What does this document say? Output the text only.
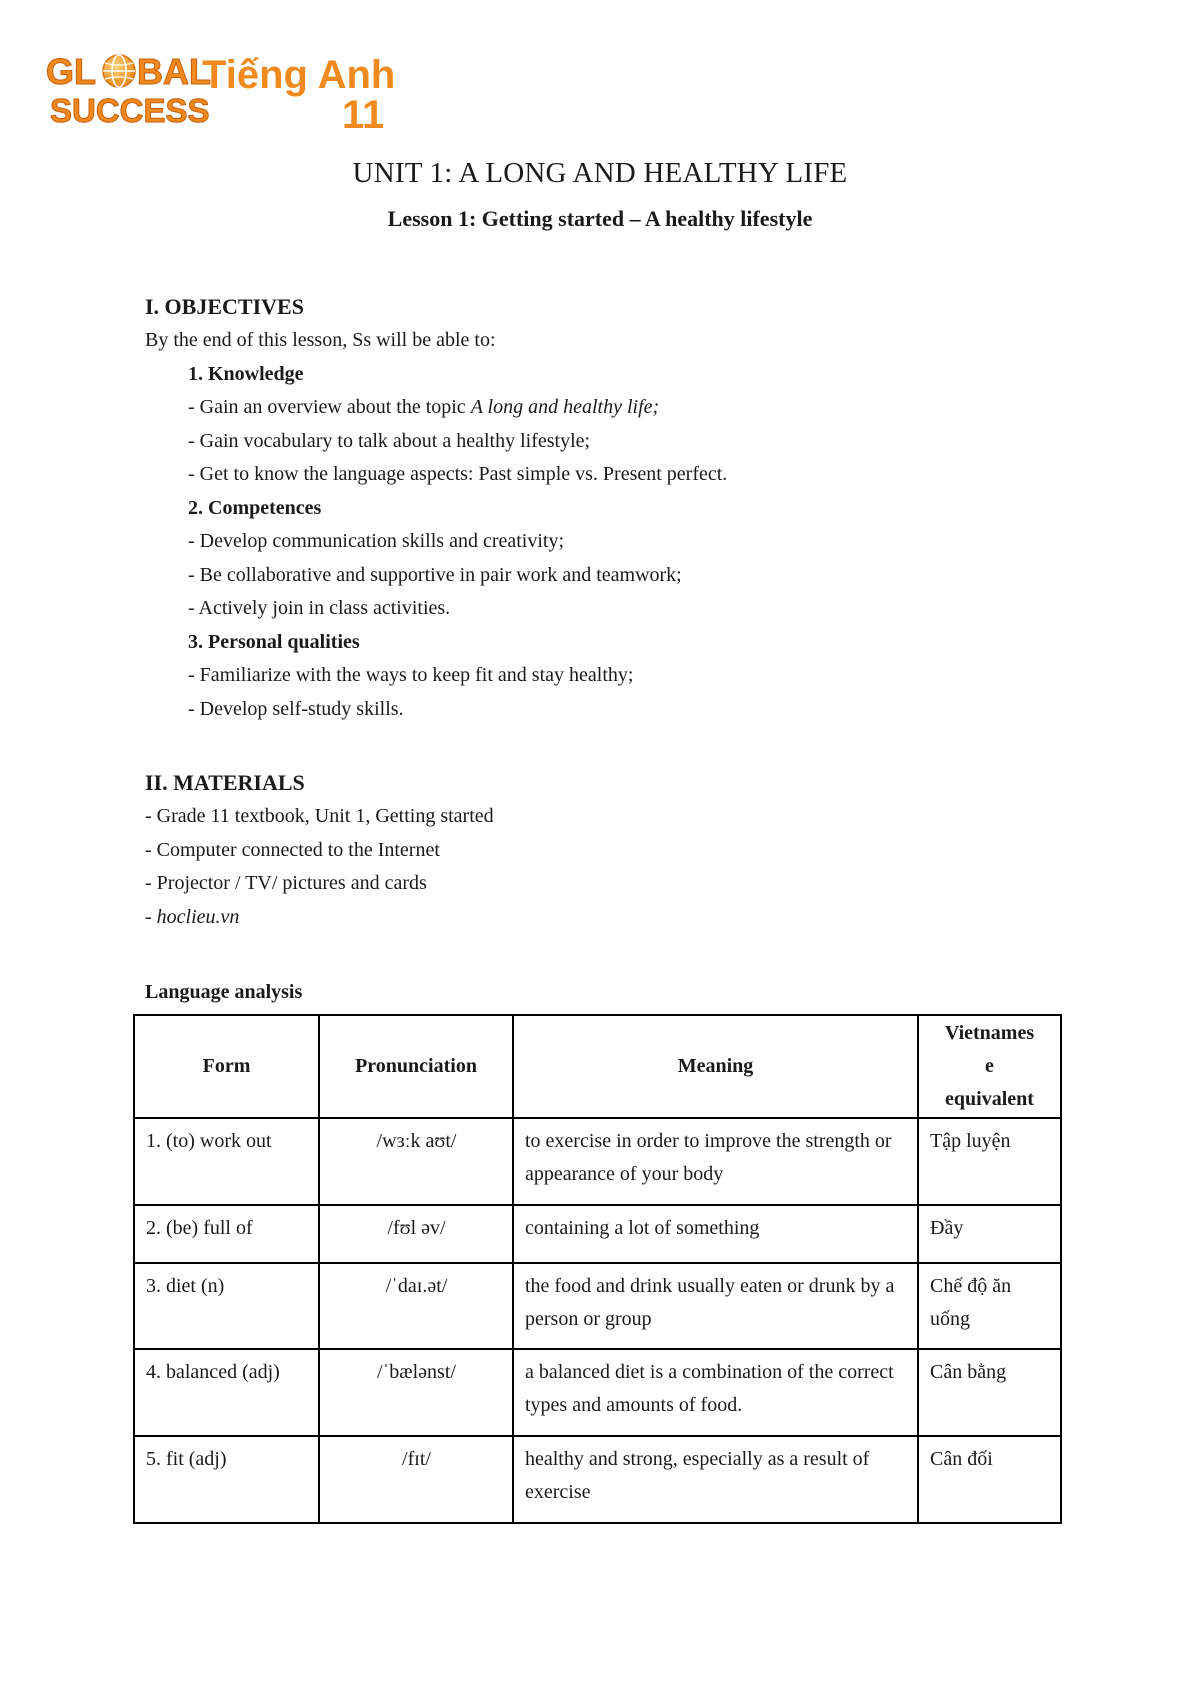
GL BAL
SUCCESS
Tiếng Anh
11
UNIT 1: A LONG AND HEALTHY LIFE
Lesson 1: Getting started – A healthy lifestyle
I. OBJECTIVES
By the end of this lesson, Ss will be able to:
1. Knowledge
- Gain an overview about the topic A long and healthy life;
- Gain vocabulary to talk about a healthy lifestyle;
- Get to know the language aspects: Past simple vs. Present perfect.
2. Competences
- Develop communication skills and creativity;
- Be collaborative and supportive in pair work and teamwork;
- Actively join in class activities.
3. Personal qualities
- Familiarize with the ways to keep fit and stay healthy;
- Develop self-study skills.
II. MATERIALS
- Grade 11 textbook, Unit 1, Getting started
- Computer connected to the Internet
- Projector / TV/ pictures and cards
- hoclieu.vn
Language analysis
Form	Pronunciation	Meaning	Vietnames
e
equivalent

1. (to) work out	/wɜːk aʊt/	to exercise in order to improve the strength or appearance of your body	Tập luyện
2. (be) full of	/fʊl əv/	containing a lot of something	Đầy
3. diet (n)	/ˈdaɪ.ət/	the food and drink usually eaten or drunk by a person or group	Chế độ ăn uống
4. balanced (adj)	/ˈbælənst/	a balanced diet is a combination of the correct types and amounts of food.	Cân bằng
5. fit (adj)	/fɪt/	healthy and strong, especially as a result of exercise	Cân đối
